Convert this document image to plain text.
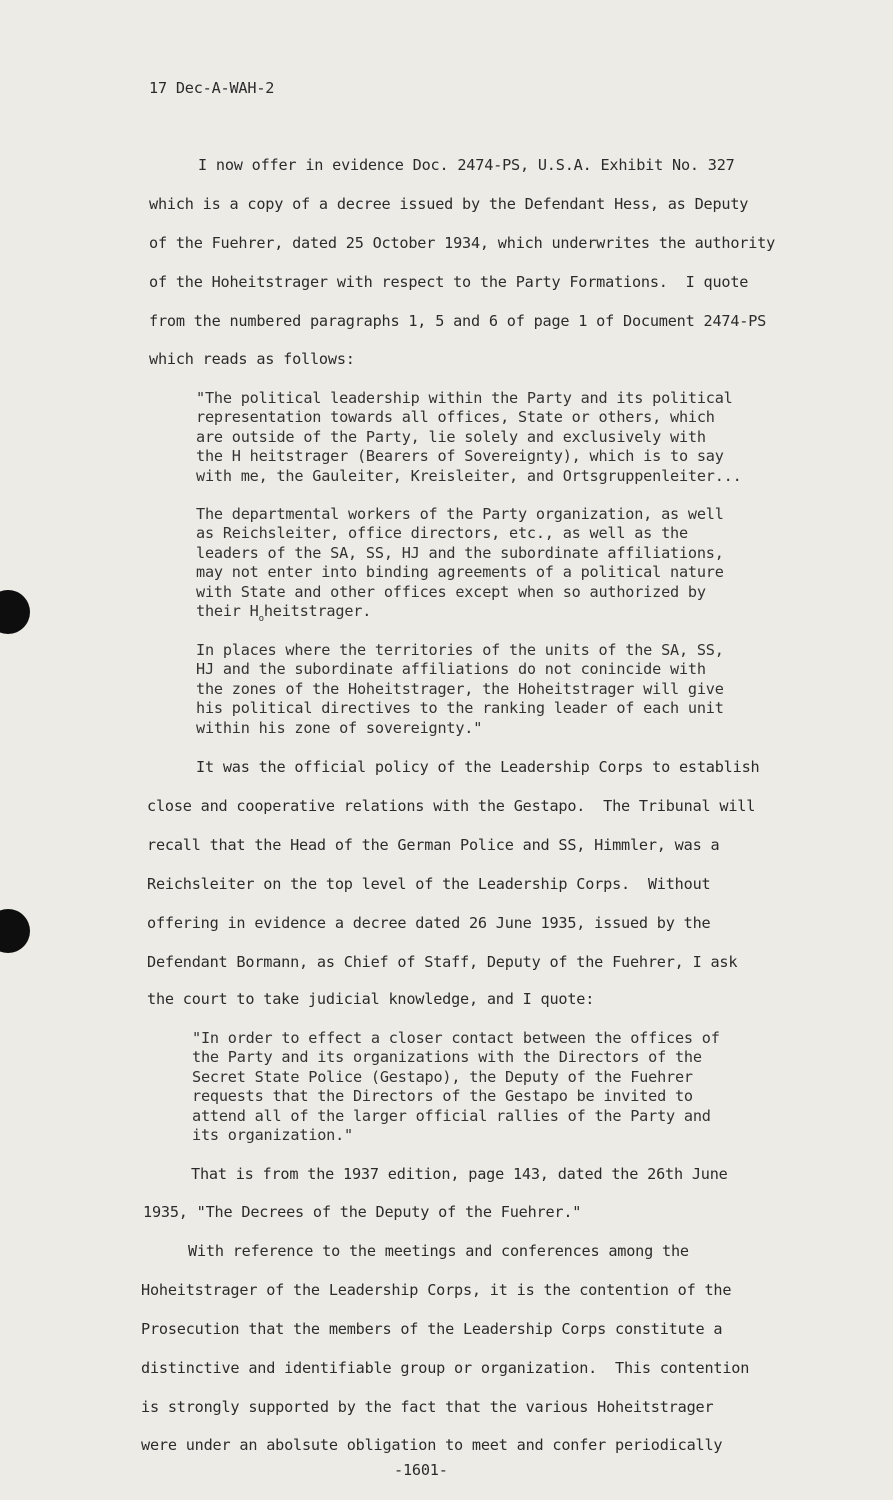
17 Dec-A-WAH-2
I now offer in evidence Doc. 2474-PS, U.S.A. Exhibit No. 327
which is a copy of a decree issued by the Defendant Hess, as Deputy
of the Fuehrer, dated 25 October 1934, which underwrites the authority
of the Hoheitstrager with respect to the Party Formations.  I quote
from the numbered paragraphs 1, 5 and 6 of page 1 of Document 2474-PS
which reads as follows:
"The political leadership within the Party and its political
representation towards all offices, State or others, which
are outside of the Party, lie solely and exclusively with
the H heitstrager (Bearers of Sovereignty), which is to say
with me, the Gauleiter, Kreisleiter, and Ortsgruppenleiter...
The departmental workers of the Party organization, as well
as Reichsleiter, office directors, etc., as well as the
leaders of the SA, SS, HJ and the subordinate affiliations,
may not enter into binding agreements of a political nature
with State and other offices except when so authorized by
their $H_oheitstrager$.
In places where the territories of the units of the SA, SS,
HJ and the subordinate affiliations do not conincide with
the zones of the Hoheitstrager, the Hoheitstrager will give
his political directives to the ranking leader of each unit
within his zone of sovereignty."
It was the official policy of the Leadership Corps to establish
close and cooperative relations with the Gestapo.  The Tribunal will
recall that the Head of the German Police and SS, Himmler, was a
Reichsleiter on the top level of the Leadership Corps.  Without
offering in evidence a decree dated 26 June 1935, issued by the
Defendant Bormann, as Chief of Staff, Deputy of the Fuehrer, I ask
the court to take judicial knowledge, and I quote:
"In order to effect a closer contact between the offices of
the Party and its organizations with the Directors of the
Secret State Police (Gestapo), the Deputy of the Fuehrer
requests that the Directors of the Gestapo be invited to
attend all of the larger official rallies of the Party and
its organization."
That is from the 1937 edition, page 143, dated the 26th June
1935, "The Decrees of the Deputy of the Fuehrer."
With reference to the meetings and conferences among the
Hoheitstrager of the Leadership Corps, it is the contention of the
Prosecution that the members of the Leadership Corps constitute a
distinctive and identifiable group or organization.  This contention
is strongly supported by the fact that the various Hoheitstrager
were under an abolsute obligation to meet and confer periodically
-1601-
